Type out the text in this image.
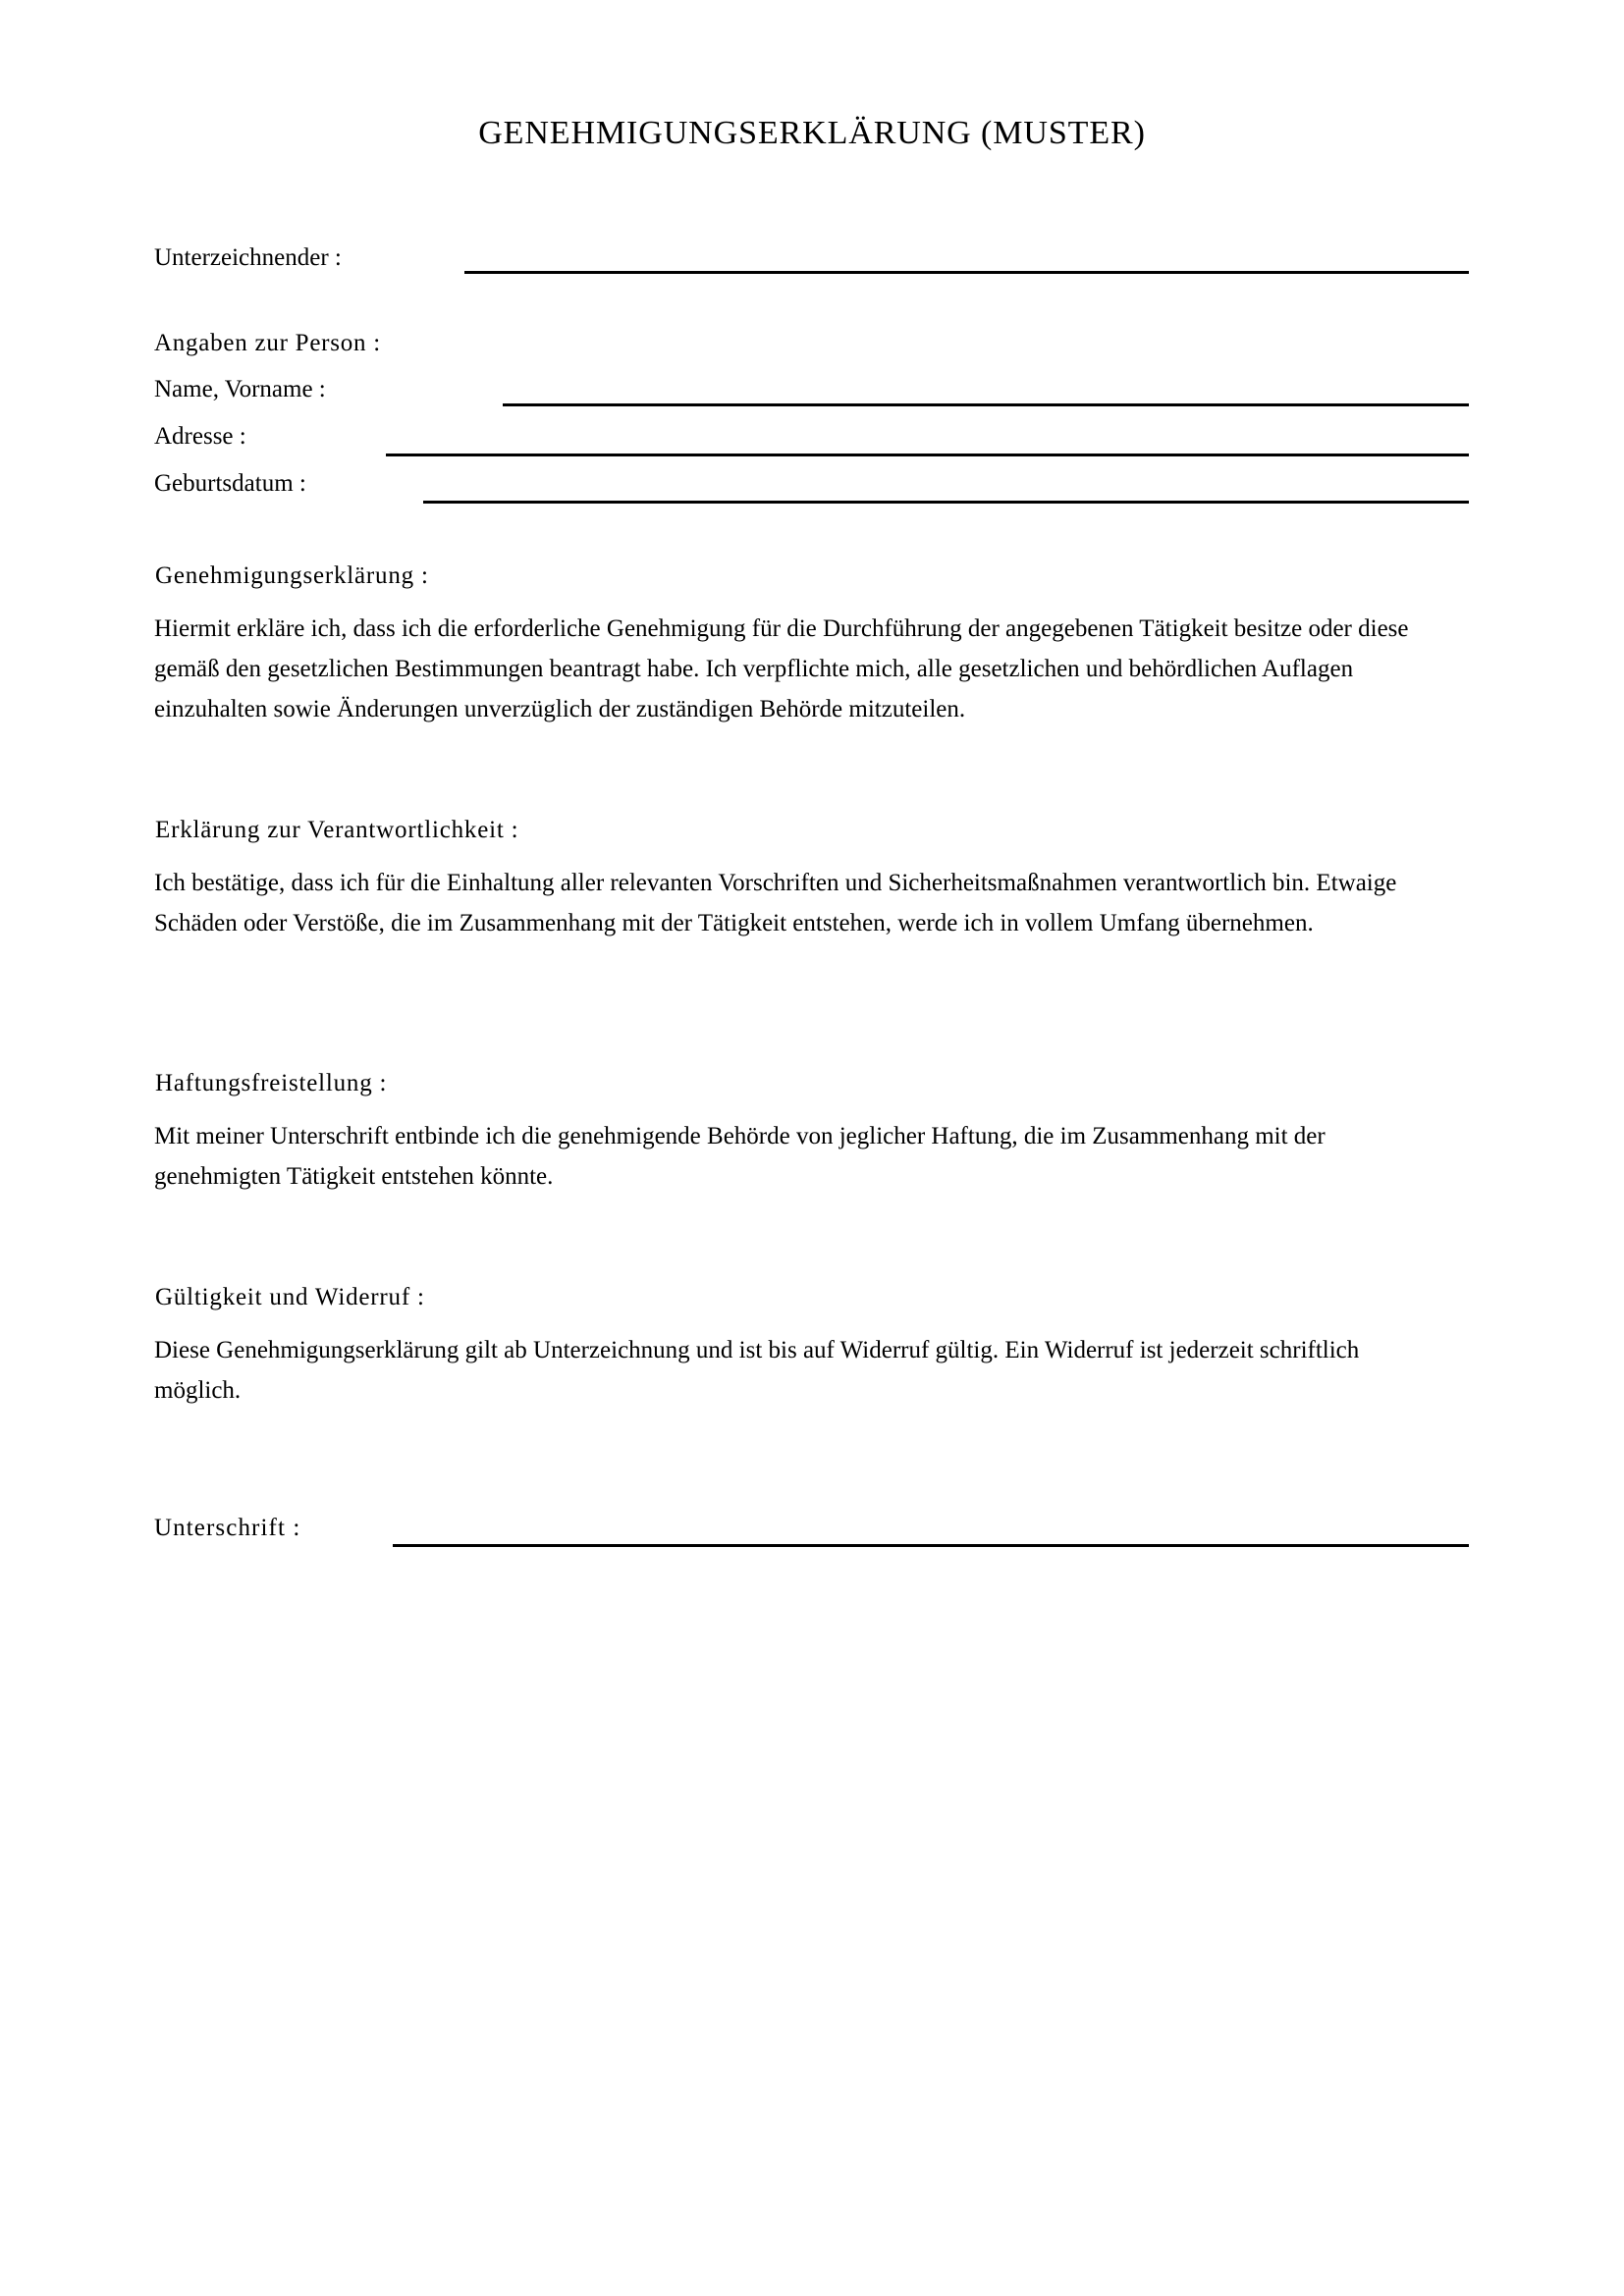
GENEHMIGUNGSERKLÄRUNG (MUSTER)
Unterzeichnender :
Angaben zur Person :
Name, Vorname :
Adresse :
Geburtsdatum :

Genehmigungserklärung :

Hiermit erkläre ich, dass ich die erforderliche Genehmigung für die Durchführung der angegebenen Tätigkeit besitze oder diese gemäß den gesetzlichen Bestimmungen beantragt habe. Ich verpflichte mich, alle gesetzlichen und behördlichen Auflagen einzuhalten sowie Änderungen unverzüglich der zuständigen Behörde mitzuteilen.

Erklärung zur Verantwortlichkeit :

Ich bestätige, dass ich für die Einhaltung aller relevanten Vorschriften und Sicherheitsmaßnahmen verantwortlich bin. Etwaige Schäden oder Verstöße, die im Zusammenhang mit der Tätigkeit entstehen, werde ich in vollem Umfang übernehmen.

Haftungsfreistellung :

Mit meiner Unterschrift entbinde ich die genehmigende Behörde von jeglicher Haftung, die im Zusammenhang mit der genehmigten Tätigkeit entstehen könnte.

Gültigkeit und Widerruf :

Diese Genehmigungserklärung gilt ab Unterzeichnung und ist bis auf Widerruf gültig. Ein Widerruf ist jederzeit schriftlich möglich.

Unterschrift :
